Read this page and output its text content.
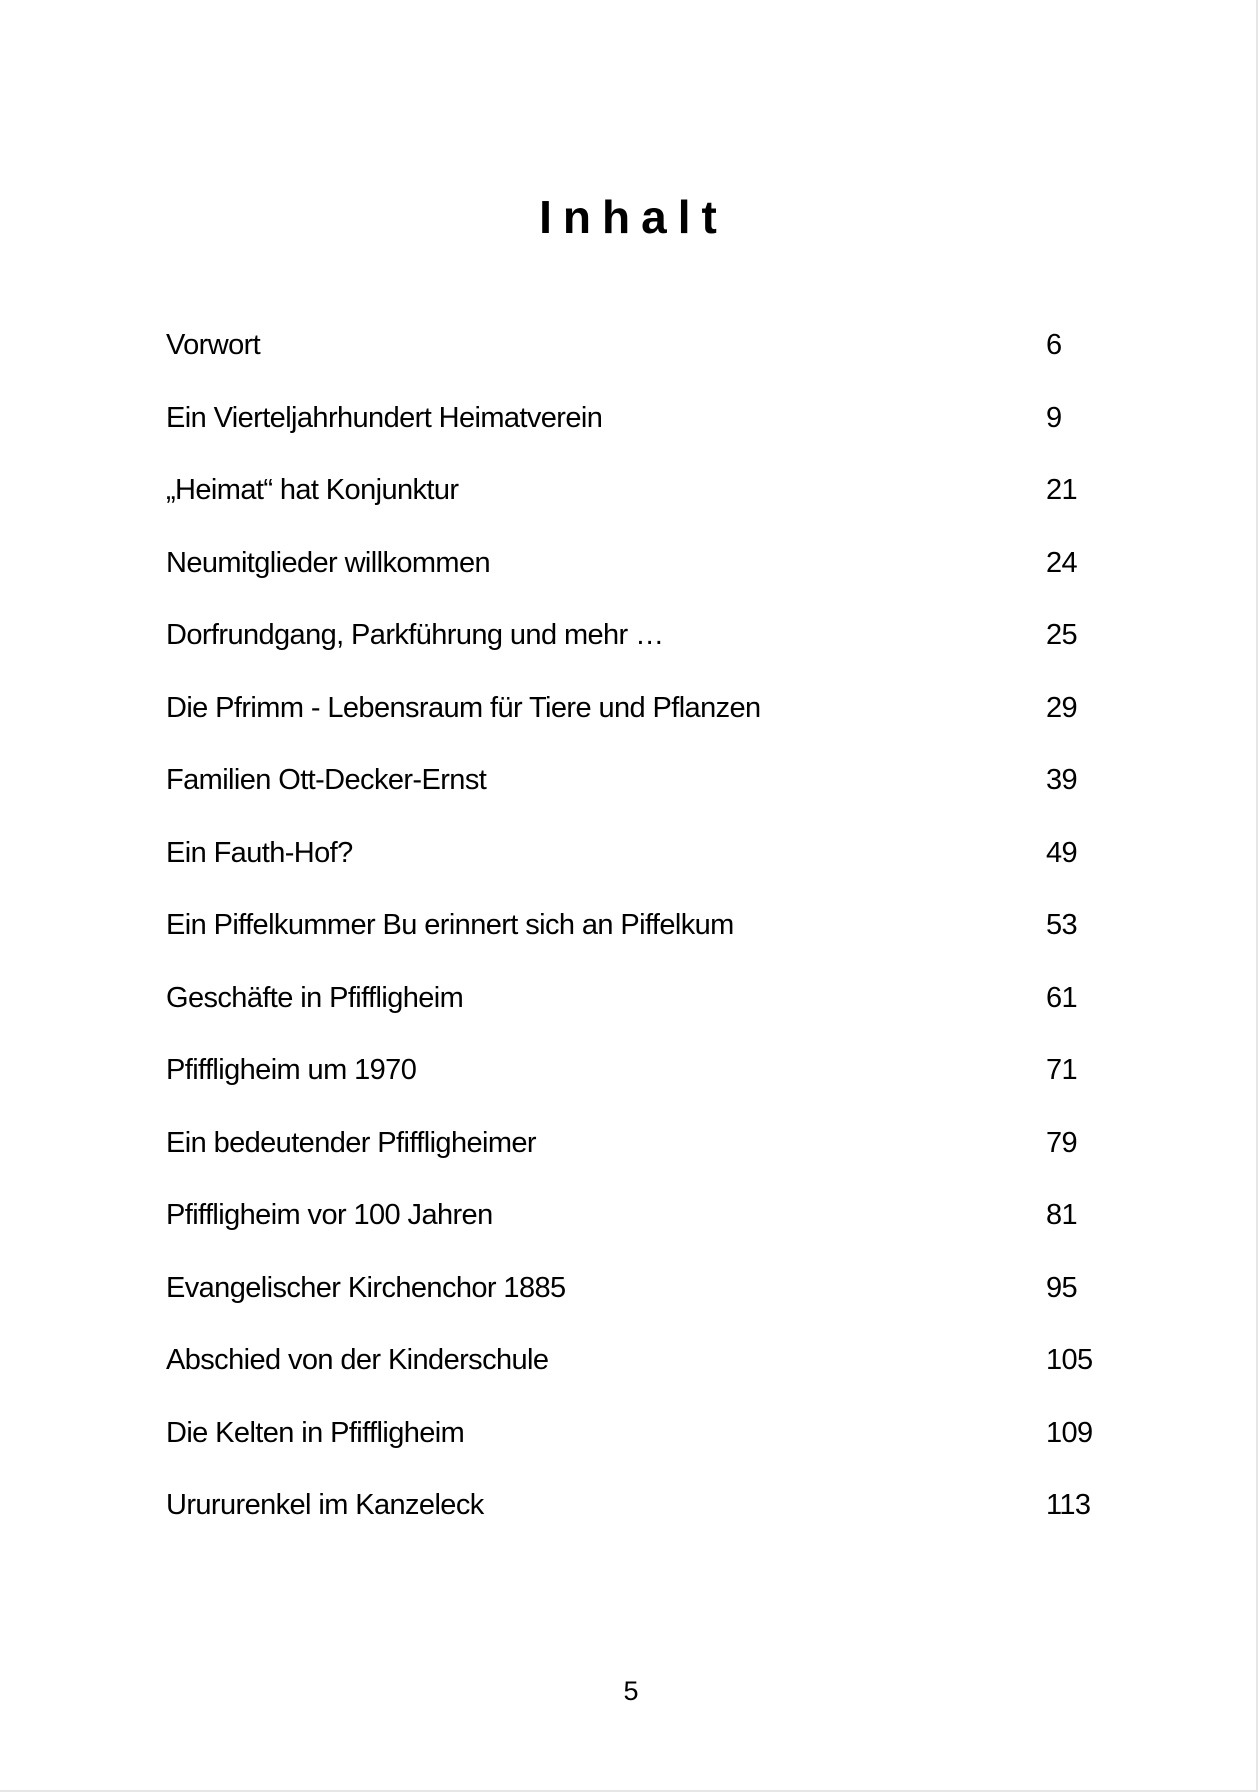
Inhalt
Vorwort	6
Ein Vierteljahrhundert Heimatverein	9
„Heimat“ hat Konjunktur	21
Neumitglieder willkommen	24
Dorfrundgang, Parkführung und mehr …	25
Die Pfrimm - Lebensraum für Tiere und Pflanzen	29
Familien Ott-Decker-Ernst	39
Ein Fauth-Hof?	49
Ein Piffelkummer Bu erinnert sich an Piffelkum	53
Geschäfte in Pfiffligheim	61
Pfiffligheim um 1970	71
Ein bedeutender Pfiffligheimer	79
Pfiffligheim vor 100 Jahren	81
Evangelischer Kirchenchor 1885	95
Abschied von der Kinderschule	105
Die Kelten in Pfiffligheim	109
Urururenkel im Kanzeleck	113
5
